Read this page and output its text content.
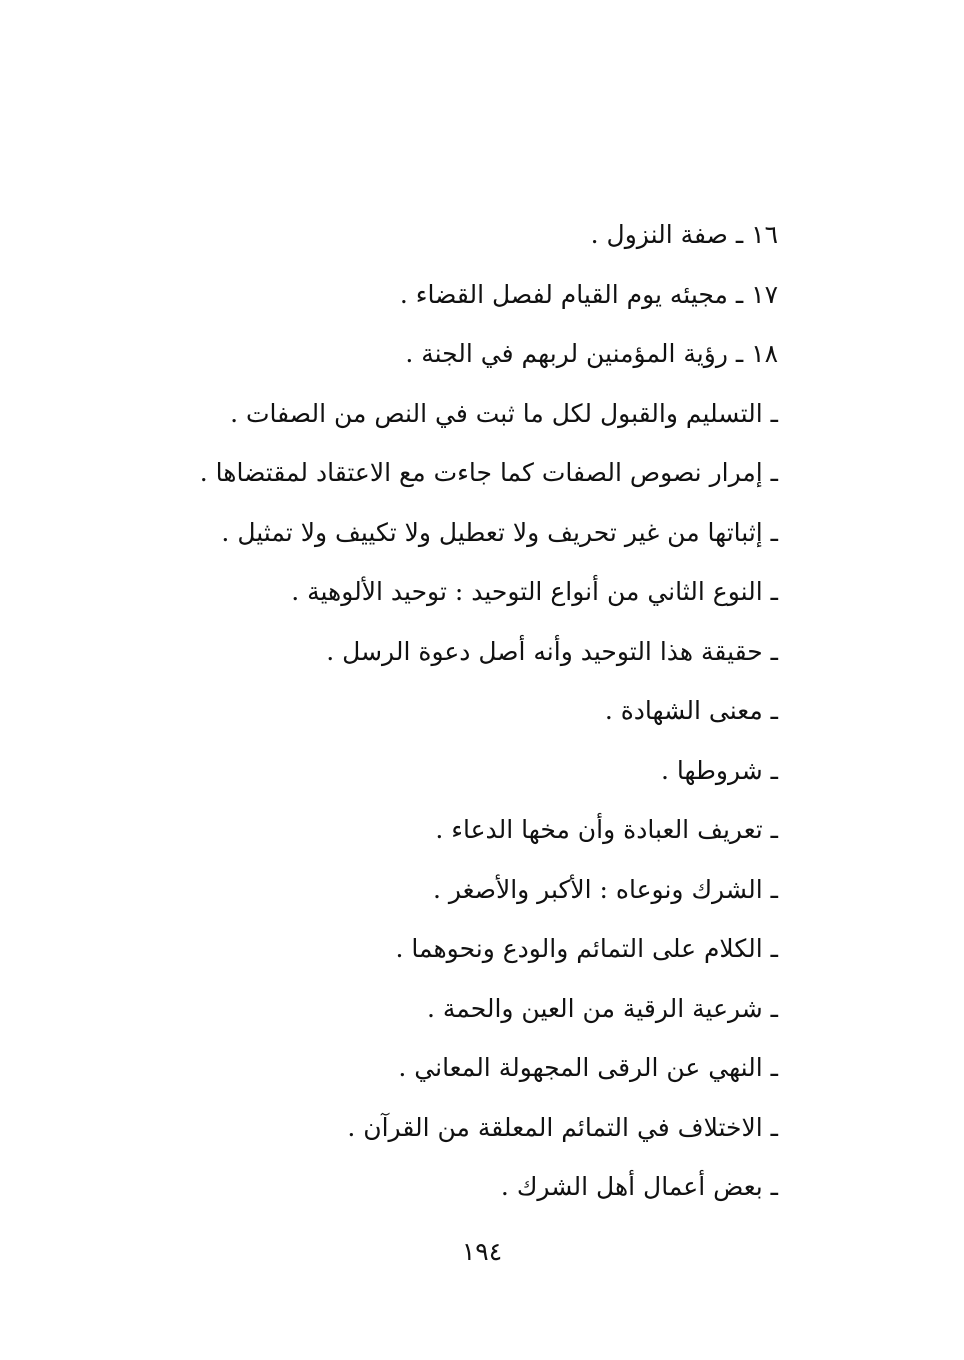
١٦ ـ صفة النزول .
١٧ ـ مجيئه يوم القيام لفصل القضاء .
١٨ ـ رؤية المؤمنين لربهم في الجنة .
ـ التسليم والقبول لكل ما ثبت في النص من الصفات .
ـ إمرار نصوص الصفات كما جاءت مع الاعتقاد لمقتضاها .
ـ إثباتها من غير تحريف ولا تعطيل ولا تكييف ولا تمثيل .
ـ النوع الثاني من أنواع التوحيد : توحيد الألوهية .
ـ حقيقة هذا التوحيد وأنه أصل دعوة الرسل .
ـ معنى الشهادة .
ـ شروطها .
ـ تعريف العبادة وأن مخها الدعاء .
ـ الشرك ونوعاه : الأكبر والأصغر .
ـ الكلام على التمائم والودع ونحوهما .
ـ شرعية الرقية من العين والحمة .
ـ النهي عن الرقى المجهولة المعاني .
ـ الاختلاف في التمائم المعلقة من القرآن .
ـ بعض أعمال أهل الشرك .
١٩٤
